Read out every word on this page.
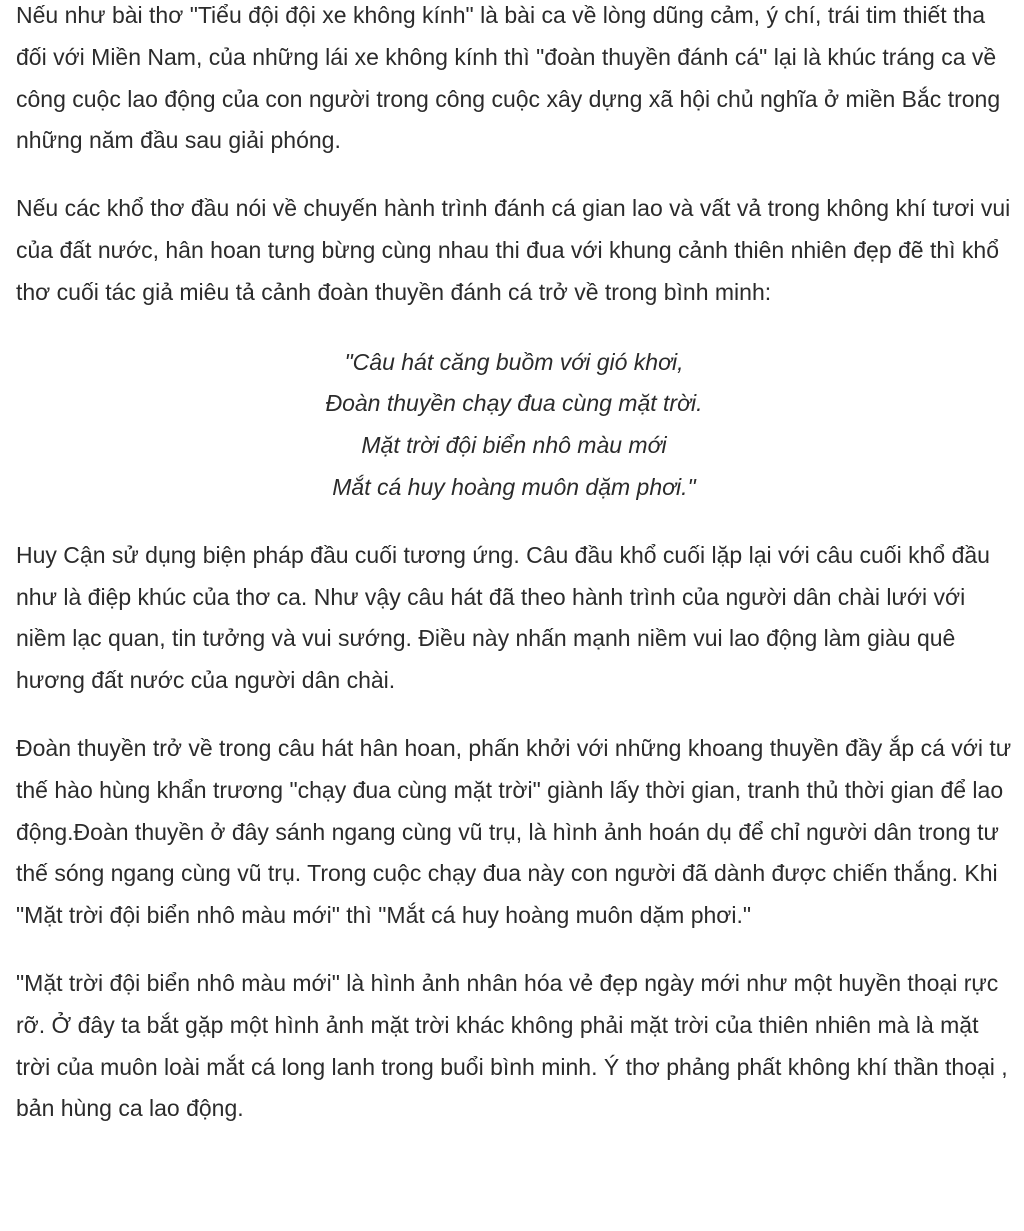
Nếu như bài thơ "Tiểu đội đội xe không kính" là bài ca về lòng dũng cảm, ý chí, trái tim thiết tha đối với Miền Nam, của những lái xe không kính thì "đoàn thuyền đánh cá" lại là khúc tráng ca về công cuộc lao động của con người trong công cuộc xây dựng xã hội chủ nghĩa ở miền Bắc trong những năm đầu sau giải phóng.

Nếu các khổ thơ đầu nói về chuyến hành trình đánh cá gian lao và vất vả trong không khí tươi vui của đất nước, hân hoan tưng bừng cùng nhau thi đua với khung cảnh thiên nhiên đẹp đẽ thì khổ thơ cuối tác giả miêu tả cảnh đoàn thuyền đánh cá trở về trong bình minh:

"Câu hát căng buồm với gió khơi,
Đoàn thuyền chạy đua cùng mặt trời.
Mặt trời đội biển nhô màu mới
Mắt cá huy hoàng muôn dặm phơi."

Huy Cận sử dụng biện pháp đầu cuối tương ứng. Câu đầu khổ cuối lặp lại với câu cuối khổ đầu như là điệp khúc của thơ ca. Như vậy câu hát đã theo hành trình của người dân chài lưới với niềm lạc quan, tin tưởng và vui sướng. Điều này nhấn mạnh niềm vui lao động làm giàu quê hương đất nước của người dân chài.

Đoàn thuyền trở về trong câu hát hân hoan, phấn khởi với những khoang thuyền đầy ắp cá với tư thế hào hùng khẩn trương "chạy đua cùng mặt trời" giành lấy thời gian, tranh thủ thời gian để lao động.Đoàn thuyền ở đây sánh ngang cùng vũ trụ, là hình ảnh hoán dụ để chỉ người dân trong tư thế sóng ngang cùng vũ trụ. Trong cuộc chạy đua này con người đã dành được chiến thắng. Khi "Mặt trời đội biển nhô màu mới" thì "Mắt cá huy hoàng muôn dặm phơi."

"Mặt trời đội biển nhô màu mới" là hình ảnh nhân hóa vẻ đẹp ngày mới như một huyền thoại rực rỡ. Ở đây ta bắt gặp một hình ảnh mặt trời khác không phải mặt trời của thiên nhiên mà là mặt trời của muôn loài mắt cá long lanh trong buổi bình minh. Ý thơ phảng phất không khí thần thoại , bản hùng ca lao động.
